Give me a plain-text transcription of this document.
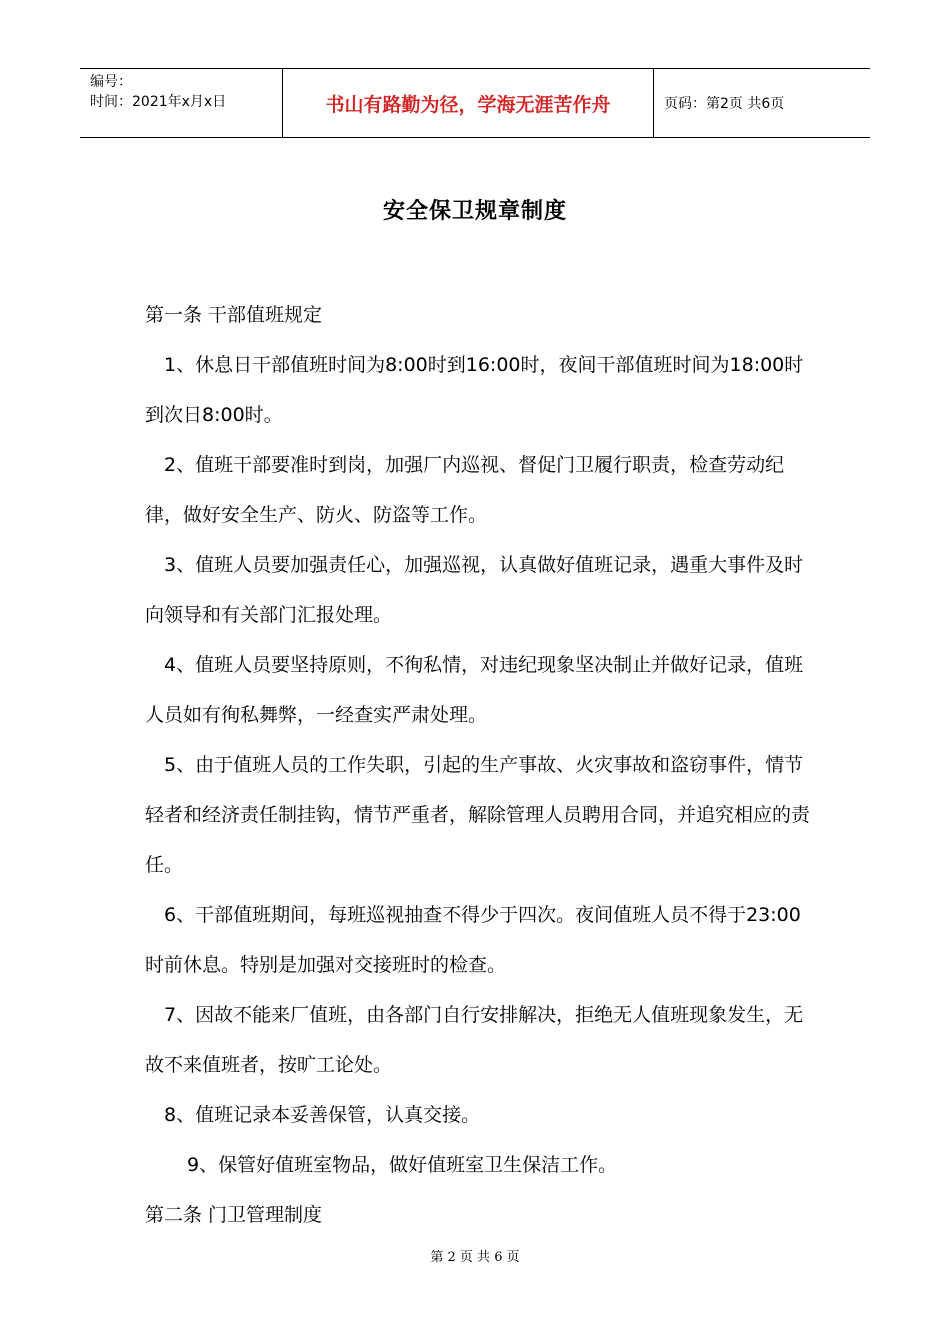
编号：
时间：2021年x月x日	书山有路勤为径，学海无涯苦作舟	页码：第2页 共6页
安全保卫规章制度

第一条 干部值班规定

1、休息日干部值班时间为8:00时到16:00时，夜间干部值班时间为18:00时到次日8:00时。

2、值班干部要准时到岗，加强厂内巡视、督促门卫履行职责，检查劳动纪律，做好安全生产、防火、防盗等工作。

3、值班人员要加强责任心，加强巡视，认真做好值班记录，遇重大事件及时向领导和有关部门汇报处理。

4、值班人员要坚持原则，不徇私情，对违纪现象坚决制止并做好记录，值班人员如有徇私舞弊，一经查实严肃处理。

5、由于值班人员的工作失职，引起的生产事故、火灾事故和盗窃事件，情节轻者和经济责任制挂钩，情节严重者，解除管理人员聘用合同，并追究相应的责任。

6、干部值班期间，每班巡视抽查不得少于四次。夜间值班人员不得于23:00时前休息。特别是加强对交接班时的检查。

7、因故不能来厂值班，由各部门自行安排解决，拒绝无人值班现象发生，无故不来值班者，按旷工论处。

8、值班记录本妥善保管，认真交接。

9、保管好值班室物品，做好值班室卫生保洁工作。

第二条 门卫管理制度

第 2 页 共 6 页
